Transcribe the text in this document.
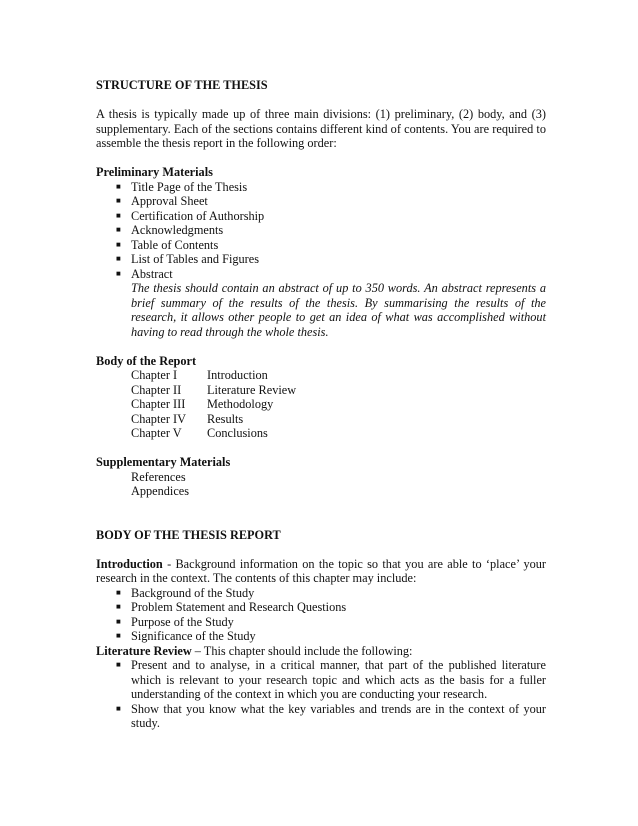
STRUCTURE OF THE THESIS

A thesis is typically made up of three main divisions: (1) preliminary, (2) body, and (3) supplementary. Each of the sections contains different kind of contents. You are required to assemble the thesis report in the following order:

Preliminary Materials

■ Title Page of the Thesis
■ Approval Sheet
■ Certification of Authorship
■ Acknowledgments
■ Table of Contents
■ List of Tables and Figures
■ Abstract

The thesis should contain an abstract of up to 350 words. An abstract represents a brief summary of the results of the thesis. By summarising the results of the research, it allows other people to get an idea of what was accomplished without having to read through the whole thesis.

Body of the Report

Chapter I	Introduction
Chapter II	Literature Review
Chapter III	Methodology
Chapter IV	Results
Chapter V	Conclusions

Supplementary Materials

References
Appendices

BODY OF THE THESIS REPORT

Introduction - Background information on the topic so that you are able to ‘place’ your research in the context. The contents of this chapter may include:

■ Background of the Study
■ Problem Statement and Research Questions
■ Purpose of the Study
■ Significance of the Study

Literature Review – This chapter should include the following:

■ Present and to analyse, in a critical manner, that part of the published literature which is relevant to your research topic and which acts as the basis for a fuller understanding of the context in which you are conducting your research.
■ Show that you know what the key variables and trends are in the context of your study.
